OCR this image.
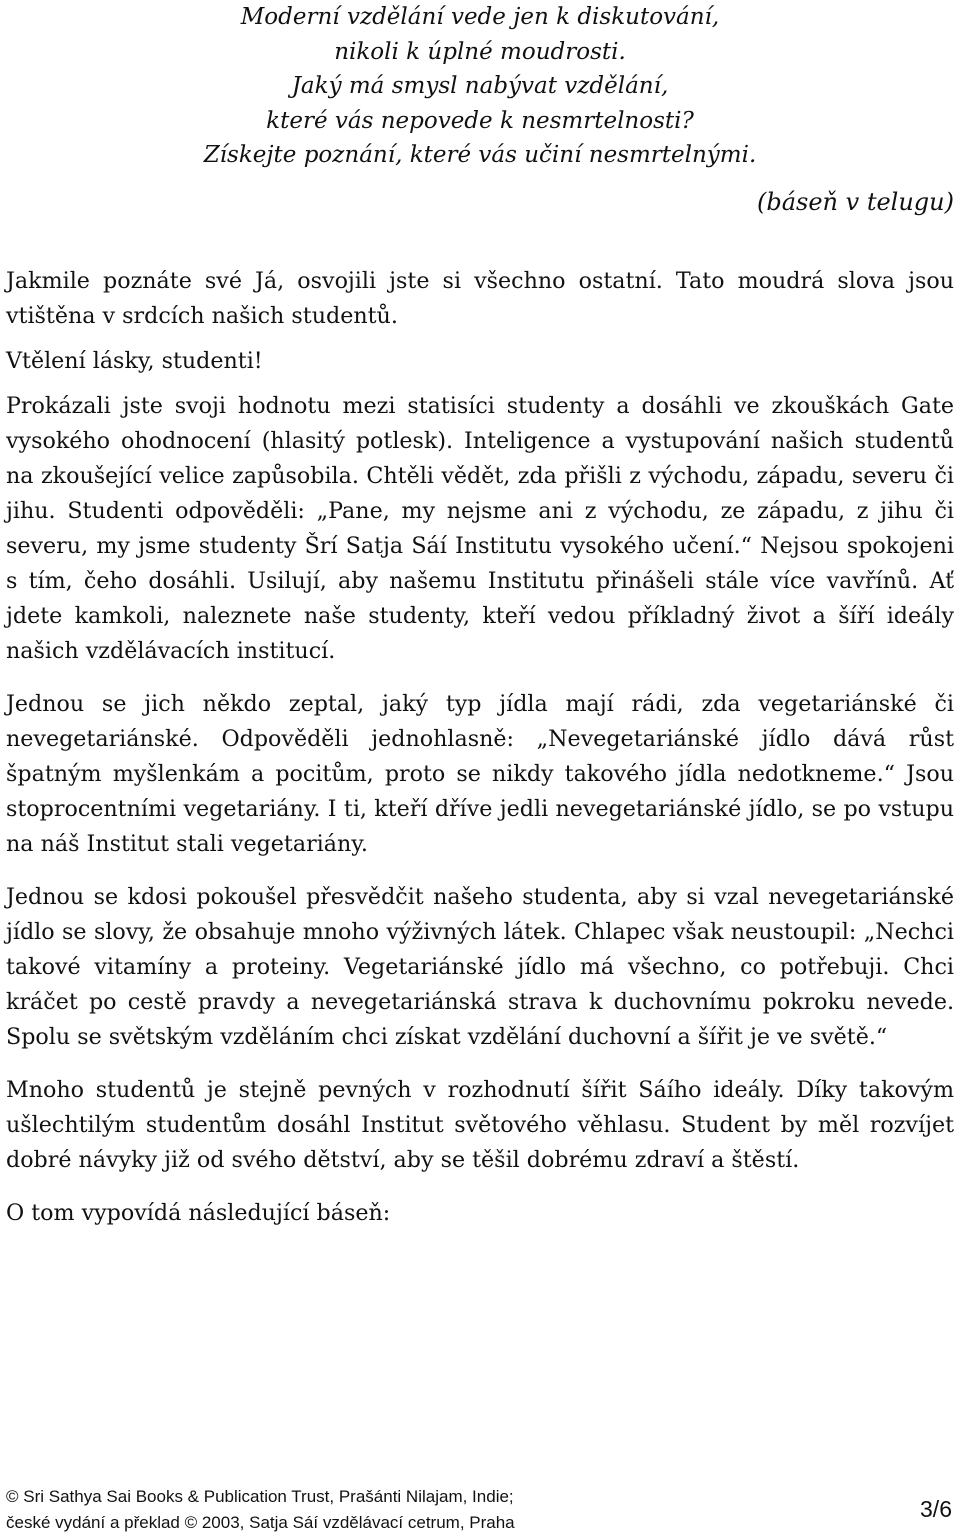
Moderní vzdělání vede jen k diskutování,
nikoli k úplné moudrosti.
Jaký má smysl nabývat vzdělání,
které vás nepovede k nesmrtelnosti?
Získejte poznání, které vás učiní nesmrtelnými.
(báseň v telugu)

Jakmile poznáte své Já, osvojili jste si všechno ostatní. Tato moudrá slova jsou vtištěna v srdcích našich studentů.

Vtělení lásky, studenti!

Prokázali jste svoji hodnotu mezi statisíci studenty a dosáhli ve zkouškách Gate vysokého ohodnocení (hlasitý potlesk). Inteligence a vystupování našich studentů na zkoušející velice zapůsobila. Chtěli vědět, zda přišli z východu, západu, severu či jihu. Studenti odpověděli: „Pane, my nejsme ani z východu, ze západu, z jihu či severu, my jsme studenty Šrí Satja Sáí Institutu vysokého učení.“ Nejsou spokojeni s tím, čeho dosáhli. Usilují, aby našemu Institutu přinášeli stále více vavřínů. Ať jdete kamkoli, naleznete naše studenty, kteří vedou příkladný život a šíří ideály našich vzdělávacích institucí.

Jednou se jich někdo zeptal, jaký typ jídla mají rádi, zda vegetariánské či nevegetariánské. Odpověděli jednohlasně: „Nevegetariánské jídlo dává růst špatným myšlenkám a pocitům, proto se nikdy takového jídla nedotkneme.“ Jsou stoprocentními vegetariány. I ti, kteří dříve jedli nevegetariánské jídlo, se po vstupu na náš Institut stali vegetariány.

Jednou se kdosi pokoušel přesvědčit našeho studenta, aby si vzal nevegetariánské jídlo se slovy, že obsahuje mnoho výživných látek. Chlapec však neustoupil: „Nechci takové vitamíny a proteiny. Vegetariánské jídlo má všechno, co potřebuji. Chci kráčet po cestě pravdy a nevegetariánská strava k duchovnímu pokroku nevede. Spolu se světským vzděláním chci získat vzdělání duchovní a šířit je ve světě.“

Mnoho studentů je stejně pevných v rozhodnutí šířit Sáího ideály. Díky takovým ušlechtilým studentům dosáhl Institut světového věhlasu. Student by měl rozvíjet dobré návyky již od svého dětství, aby se těšil dobrému zdraví a štěstí.

O tom vypovídá následující báseň:

© Sri Sathya Sai Books & Publication Trust, Prašánti Nilajam, Indie;
české vydání a překlad © 2003, Satja Sáí vzdělávací cetrum, Praha
3/6
